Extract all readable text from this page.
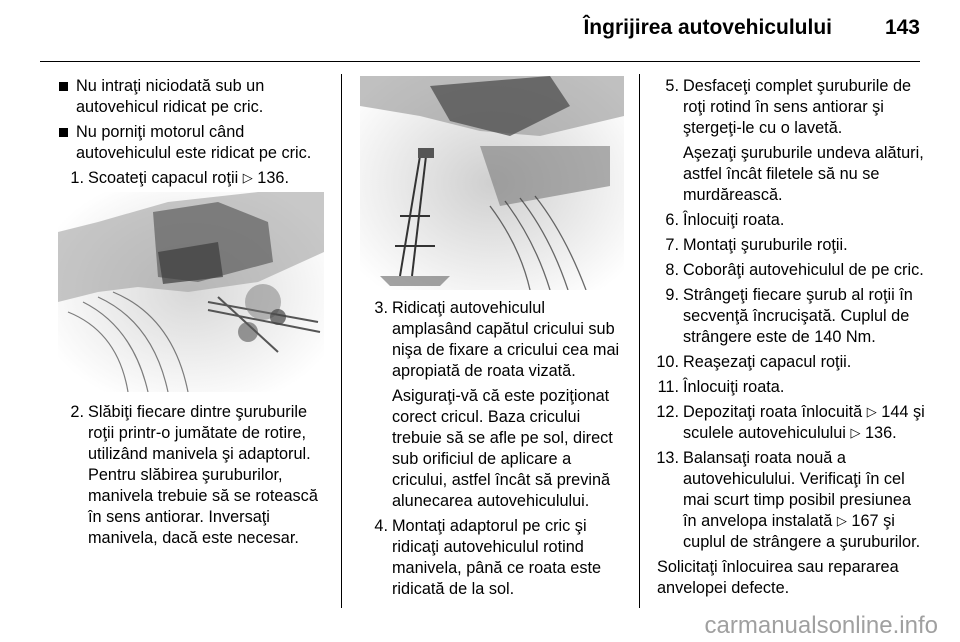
Îngrijirea autovehiculului	143
Nu intraţi niciodată sub un autovehicul ridicat pe cric.
Nu porniţi motorul când autovehiculul este ridicat pe cric.
1. Scoateţi capacul roţii ▷ 136.
2. Slăbiţi fiecare dintre şuruburile roţii printr-o jumătate de rotire, utilizând manivela şi adaptorul. Pentru slăbirea şuruburilor, manivela trebuie să se rotească în sens antiorar. Inversaţi manivela, dacă este necesar.
3. Ridicaţi autovehiculul amplasând capătul cricului sub nişa de fixare a cricului cea mai apropiată de roata vizată.
Asiguraţi-vă că este poziţionat corect cricul. Baza cricului trebuie să se afle pe sol, direct sub orificiul de aplicare a cricului, astfel încât să prevină alunecarea autovehiculului.
4. Montaţi adaptorul pe cric şi ridicaţi autovehiculul rotind manivela, până ce roata este ridicată de la sol.
5. Desfaceţi complet şuruburile de roţi rotind în sens antiorar şi ştergeţi-le cu o lavetă.
Aşezaţi şuruburile undeva alături, astfel încât filetele să nu se murdărească.
6. Înlocuiţi roata.
7. Montaţi şuruburile roţii.
8. Coborâţi autovehiculul de pe cric.
9. Strângeţi fiecare şurub al roţii în secvenţă încrucişată. Cuplul de strângere este de 140 Nm.
10. Reaşezaţi capacul roţii.
11. Înlocuiţi roata.
12. Depozitaţi roata înlocuită ▷ 144 şi sculele autovehiculului ▷ 136.
13. Balansaţi roata nouă a autovehiculului. Verificaţi în cel mai scurt timp posibil presiunea în anvelopa instalată ▷ 167 şi cuplul de strângere a şuruburilor.
Solicitaţi înlocuirea sau repararea anvelopei defecte.
carmanualsonline.info
